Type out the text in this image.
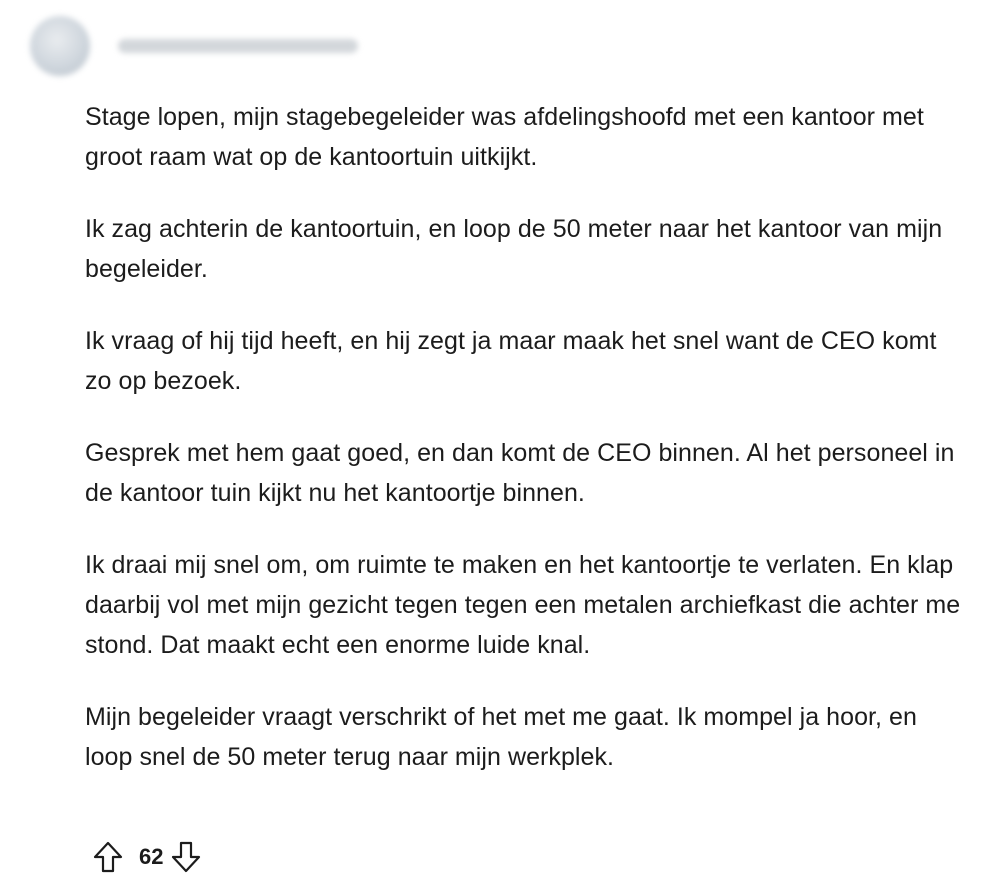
Stage lopen, mijn stagebegeleider was afdelingshoofd met een kantoor met groot raam wat op de kantoortuin uitkijkt.

Ik zag achterin de kantoortuin, en loop de 50 meter naar het kantoor van mijn begeleider.

Ik vraag of hij tijd heeft, en hij zegt ja maar maak het snel want de CEO komt zo op bezoek.

Gesprek met hem gaat goed, en dan komt de CEO binnen. Al het personeel in de kantoor tuin kijkt nu het kantoortje binnen.

Ik draai mij snel om, om ruimte te maken en het kantoortje te verlaten. En klap daarbij vol met mijn gezicht tegen tegen een metalen archiefkast die achter me stond. Dat maakt echt een enorme luide knal.

Mijn begeleider vraagt verschrikt of het met me gaat. Ik mompel ja hoor, en loop snel de 50 meter terug naar mijn werkplek.

62
